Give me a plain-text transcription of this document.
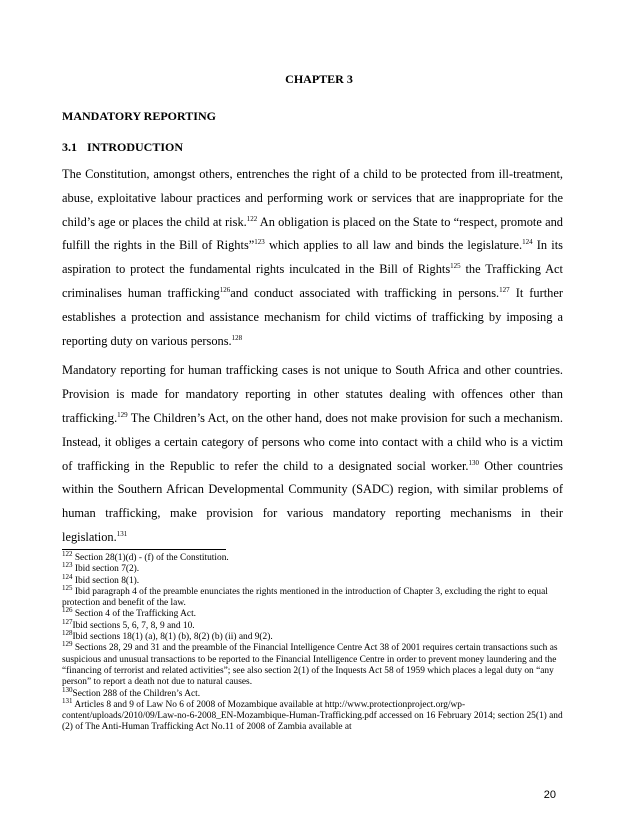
CHAPTER 3
MANDATORY REPORTING
3.1 INTRODUCTION

The Constitution, amongst others, entrenches the right of a child to be protected from ill-treatment, abuse, exploitative labour practices and performing work or services that are inappropriate for the child’s age or places the child at risk.$^{122}$ An obligation is placed on the State to “respect, promote and fulfill the rights in the Bill of Rights”$^{123}$ which applies to all law and binds the legislature.$^{124}$ In its aspiration to protect the fundamental rights inculcated in the Bill of Rights$^{125}$ the Trafficking Act criminalises human trafficking$^{126}$and conduct associated with trafficking in persons.$^{127}$ It further establishes a protection and assistance mechanism for child victims of trafficking by imposing a reporting duty on various persons.$^{128}$

Mandatory reporting for human trafficking cases is not unique to South Africa and other countries. Provision is made for mandatory reporting in other statutes dealing with offences other than trafficking.$^{129}$ The Children’s Act, on the other hand, does not make provision for such a mechanism. Instead, it obliges a certain category of persons who come into contact with a child who is a victim of trafficking in the Republic to refer the child to a designated social worker.$^{130}$ Other countries within the Southern African Developmental Community (SADC) region, with similar problems of human trafficking, make provision for various mandatory reporting mechanisms in their legislation.$^{131}$

$^{122}$ Section 28(1)(d) - (f) of the Constitution.
$^{123}$ Ibid section 7(2).
$^{124}$ Ibid section 8(1).
$^{125}$ Ibid paragraph 4 of the preamble enunciates the rights mentioned in the introduction of Chapter 3, excluding the right to equal protection and benefit of the law.
$^{126}$ Section 4 of the Trafficking Act.
$^{127}$Ibid sections 5, 6, 7, 8, 9 and 10.
$^{128}$Ibid sections 18(1) (a), 8(1) (b), 8(2) (b) (ii) and 9(2).
$^{129}$ Sections 28, 29 and 31 and the preamble of the Financial Intelligence Centre Act 38 of 2001 requires certain transactions such as suspicious and unusual transactions to be reported to the Financial Intelligence Centre in order to prevent money laundering and the “financing of terrorist and related activities”; see also section 2(1) of the Inquests Act 58 of 1959 which places a legal duty on “any person” to report a death not due to natural causes.
$^{130}$Section 288 of the Children’s Act.
$^{131}$ Articles 8 and 9 of Law No 6 of 2008 of Mozambique available at http://www.protectionproject.org/wp-content/uploads/2010/09/Law-no-6-2008_EN-Mozambique-Human-Trafficking.pdf accessed on 16 February 2014; section 25(1) and (2) of The Anti-Human Trafficking Act No.11 of 2008 of Zambia available at
20
